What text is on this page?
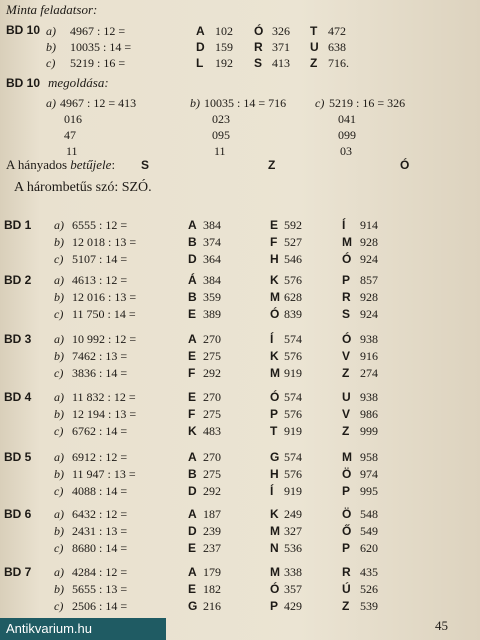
Minta feladatsor:
BD 10
BD 10 megoldása:
A hányados betűjele: S	Z	Ó
A hárombetűs szó: SZÓ.
45
a) 4967 : 12 =
b) 10035 : 14 =
c) 5219 : 16 =
A 102 Ó 326 T 472
D 159 R 371 U 638
L 192 S 413 Z 716.
a) 4967 : 12 = 413
016
47
11
b) 10035 : 14 = 716
023
095
11
c) 5219 : 16 = 326
041
099
03
BD 1 a) 6555 : 12 =
b) 12 018 : 13 =
c) 5107 : 14 =
A 384	E 592	Í 914
B 374	F 527	M 928
D 364	H 546	Ó 924
BD 2 a) 4613 : 12 =
b) 12 016 : 13 =
c) 11 750 : 14 =
Á 384	K 576	P 857
B 359	M 628	R 928
E 389	Ó 839	S 924
BD 3 a) 10 992 : 12 =
b) 7462 : 13 =
c) 3836 : 14 =
A 270	Í 574	Ó 938
E 275	K 576	V 916
F 292	M 919	Z 274
BD 4 a) 11 832 : 12 =
b) 12 194 : 13 =
c) 6762 : 14 =
E 270	Ó 574	U 938
F 275	P 576	V 986
K 483	T 919	Z 999
BD 5 a) 6912 : 12 =
b) 11 947 : 13 =
c) 4088 : 14 =
A 270	G 574	M 958
B 275	H 576	Ö 974
D 292	Í 919	P 995
BD 6 a) 6432 : 12 =
b) 2431 : 13 =
c) 8680 : 14 =
A 187	K 249	Ö 548
D 239	M 327	Ő 549
E 237	N 536	P 620
BD 7 a) 4284 : 12 =
b) 5655 : 13 =
c) 2506 : 14 =
A 179	M 338	R 435
E 182	Ó 357	Ú 526
G 216	P 429	Z 539
Antikvarium.hu
